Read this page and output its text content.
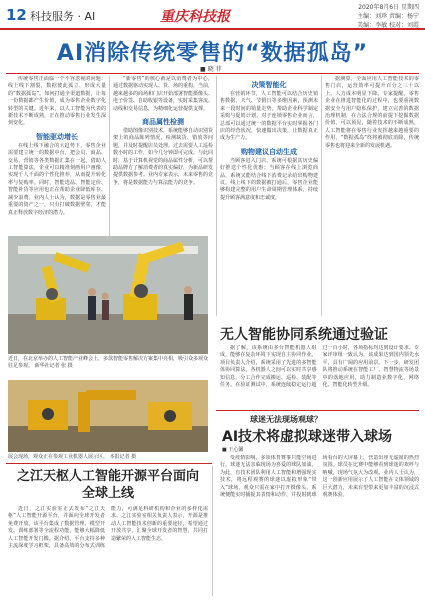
12 科技服务 · AI	重庆科技报
2020年8月6日 星期四
主编：刘珍 责编：杨宁
美编：李敏 校对：刘霞
AI消除传统零售的“数据孤岛”
■ 晓 菲

传统零售正面临一个不容忽视的问题：线上线下割裂，数据彼此孤立，形成大量的“数据孤岛”。如何打通全渠道数据，让每一份数据都产生价值，成为零售企业数字化转型的关键。近年来，以人工智能为代表的新技术不断成熟，正在推动零售行业发生深刻变化。

智能驱动增长

在线上线下融合的大趋势下，零售企业需要建立统一的数据中台，把会员、商品、交易、营销等各类数据汇集在一起。借助人工智能算法，企业可以精准刻画用户画像，实现千人千面的个性化推荐，从而提升转化率与复购率。同时，智能选品、智能定价、智能补货等应用也正在帮助企业降低库存、减少浪费。业内人士认为，数据是零售业最重要的资产之一，只有打破数据壁垒，才能真正释放数字经济的潜力。

“新零售”的核心就是以消费者为中心，通过数据驱动实现人、货、场的重构。当前，越来越多的商场和门店开始部署智能摄像头、电子价签、自助收银等设备，实时采集客流、动线和交易信息，为精细化运营提供支撑。

商品属性检测

借助图像识别技术，系统能够自动识别货架上的商品陈列情况，检测缺货、错放等问题，并及时提醒店员处理。过去需要人工巡检数小时的工作，如今几分钟即可完成。与此同时，基于计算机视觉的商品属性分析，可以帮助品牌方了解消费者的真实偏好，为新品研发提供数据参考。业内专家表示，未来零售的竞争，将是数据能力与算法能力的竞争。

决策智能化

在营销环节，人工智能可以结合历史销售数据、天气、节假日等多维因素，预测未来一段时间的销量走势，帮助企业科学制定采购与促销计划。对于连锁零售企业而言，总部可以通过统一的数据平台实时掌握各门店的经营状况，快速做出决策，让数据真正成为生产力。

购物建议自动生成

当顾客进入门店，系统可根据其历史偏好推送个性化优惠；当顾客在线上浏览商品，系统又能结合线下消费记录给出购物建议。线上线下的数据被打通后，零售企业能够构建完整的用户生命周期管理体系，持续提升顾客满意度和忠诚度。

据测算，全面应用人工智能技术的零售门店，运营效率可提升百分之三十以上，人力成本明显下降。专家提醒，零售企业在推进智能化的过程中，也要重视数据安全与用户隐私保护，建立完善的数据治理机制，在合法合规的前提下挖掘数据价值。可以预见，随着技术的不断成熟，人工智能将在零售行业发挥越来越重要的作用，“数据孤岛”终将被彻底消除，传统零售也将迎来全新的发展机遇。

近日，在北京举办的人工智能产业峰会上，多款智能零售解决方案集中亮相，吸引众多观众驻足参观。 新华社记者 张 摄
无人智能协同系统通过验证

据了解，该系统由多台智能机器人组成，能够在复杂环境下实现自主协同作业。项目负责人介绍，系统采用了先进的多智能体协同算法，各机器人之间可以实时共享感知信息，分工合作完成搬运、巡检、装配等任务。在验证测试中，系统连续稳定运行超过一百小时，各项指标均达到设计要求。专家评审组一致认为，该成果达到国内领先水平，具有广阔的应用前景。下一步，研发团队将推动系统在智能工厂、智慧物流等场景中的落地应用，助力制造业数字化、网络化、智能化转型升级。

展会现场，观众正在参观工业机器人展示区。 本报记者 摄
球迷无法现场观球？
AI技术将虚拟球迷带入球场
■ 王心馨

受疫情影响，多项体育赛事只能空场进行，球迷无法亲临现场为喜爱的球队加油。为此，有技术团队利用人工智能和增强现实技术，将远程观赛的球迷以虚拟形象“带入”球场。观众只需在家中打开摄像头，系统便能实时捕捉其表情和动作，并投射到球场看台的大屏幕上，营造出座无虚席的热烈氛围。球员在比赛中能够看到球迷的欢呼与呐喊，现场气氛大为改观。业内人士认为，这一创新应用展示了人工智能在文体领域的巨大潜力，未来有望带来更加丰富的沉浸式观赛体验。

之江天枢人工智能开源平台面向全球上线

近日，之江实验室正式发布“之江天枢”人工智能开源平台，并面向全球开发者免费开放。该平台集成了数据管理、模型开发、训练部署等全流程功能，能够大幅降低人工智能开发门槛。据介绍，平台支持多种主流深度学习框架，具备高效的分布式训练能力，可满足科研机构和企业的多样化需求。之江实验室相关负责人表示，开源是推动人工智能技术创新的重要途径，希望通过开放共享，汇聚全球开发者的智慧，共同打造繁荣的人工智能生态。
